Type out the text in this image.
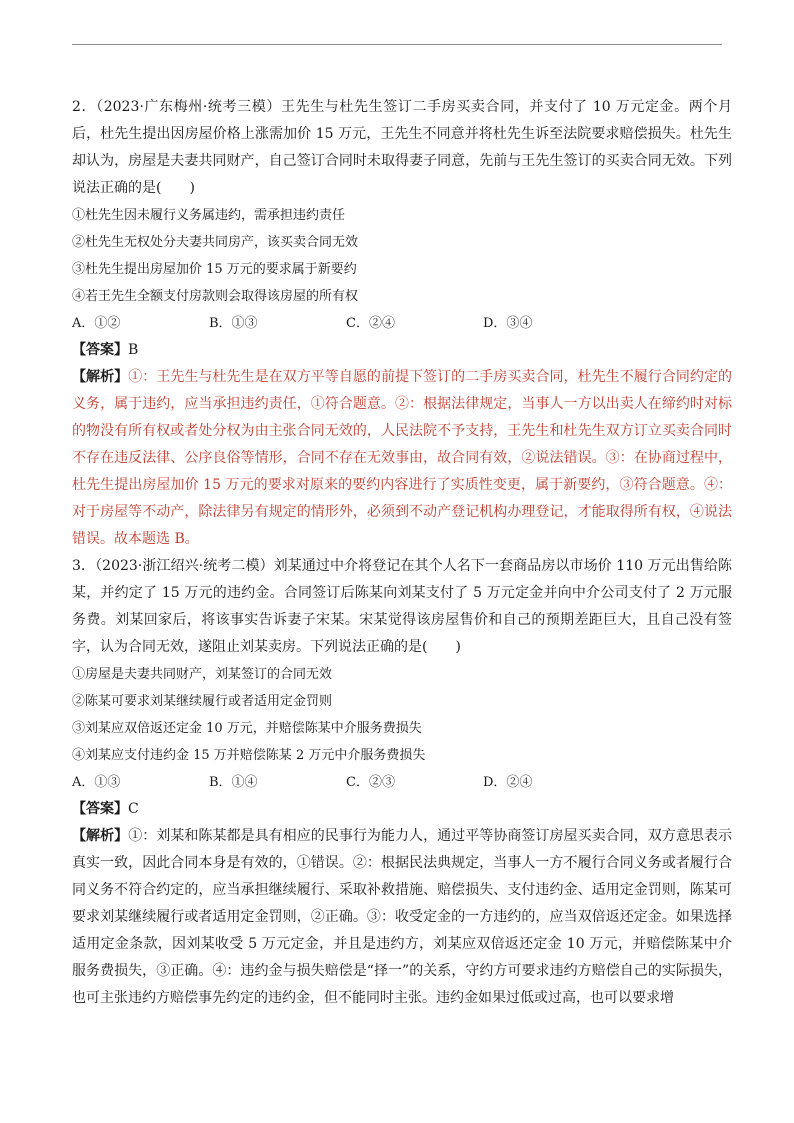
2．（2023·广东梅州·统考三模）王先生与杜先生签订二手房买卖合同，并支付了 10 万元定金。两个月后，杜先生提出因房屋价格上涨需加价 15 万元，王先生不同意并将杜先生诉至法院要求赔偿损失。杜先生却认为，房屋是夫妻共同财产，自己签订合同时未取得妻子同意，先前与王先生签订的买卖合同无效。下列说法正确的是(　　)

①杜先生因未履行义务属违约，需承担违约责任

②杜先生无权处分夫妻共同房产，该买卖合同无效

③杜先生提出房屋加价 15 万元的要求属于新要约

④若王先生全额支付房款则会取得该房屋的所有权

A．①②	B．①③	C．②④	D．③④

【答案】B

【解析】①：王先生与杜先生是在双方平等自愿的前提下签订的二手房买卖合同，杜先生不履行合同约定的义务，属于违约，应当承担违约责任，①符合题意。②：根据法律规定，当事人一方以出卖人在缔约时对标的物没有所有权或者处分权为由主张合同无效的，人民法院不予支持，王先生和杜先生双方订立买卖合同时不存在违反法律、公序良俗等情形，合同不存在无效事由，故合同有效，②说法错误。③：在协商过程中，杜先生提出房屋加价 15 万元的要求对原来的要约内容进行了实质性变更，属于新要约，③符合题意。④：对于房屋等不动产，除法律另有规定的情形外，必须到不动产登记机构办理登记，才能取得所有权，④说法错误。故本题选 B。

3．（2023·浙江绍兴·统考二模）刘某通过中介将登记在其个人名下一套商品房以市场价 110 万元出售给陈某，并约定了 15 万元的违约金。合同签订后陈某向刘某支付了 5 万元定金并向中介公司支付了 2 万元服务费。刘某回家后，将该事实告诉妻子宋某。宋某觉得该房屋售价和自己的预期差距巨大，且自己没有签字，认为合同无效，遂阻止刘某卖房。下列说法正确的是(　　)

①房屋是夫妻共同财产，刘某签订的合同无效

②陈某可要求刘某继续履行或者适用定金罚则

③刘某应双倍返还定金 10 万元，并赔偿陈某中介服务费损失

④刘某应支付违约金 15 万并赔偿陈某 2 万元中介服务费损失

A．①③	B．①④	C．②③	D．②④

【答案】C

【解析】①：刘某和陈某都是具有相应的民事行为能力人，通过平等协商签订房屋买卖合同，双方意思表示真实一致，因此合同本身是有效的，①错误。②：根据民法典规定，当事人一方不履行合同义务或者履行合同义务不符合约定的，应当承担继续履行、采取补救措施、赔偿损失、支付违约金、适用定金罚则，陈某可要求刘某继续履行或者适用定金罚则，②正确。③：收受定金的一方违约的，应当双倍返还定金。如果选择适用定金条款，因刘某收受 5 万元定金，并且是违约方，刘某应双倍返还定金 10 万元，并赔偿陈某中介服务费损失，③正确。④：违约金与损失赔偿是“择一”的关系，守约方可要求违约方赔偿自己的实际损失，也可主张违约方赔偿事先约定的违约金，但不能同时主张。违约金如果过低或过高，也可以要求增
